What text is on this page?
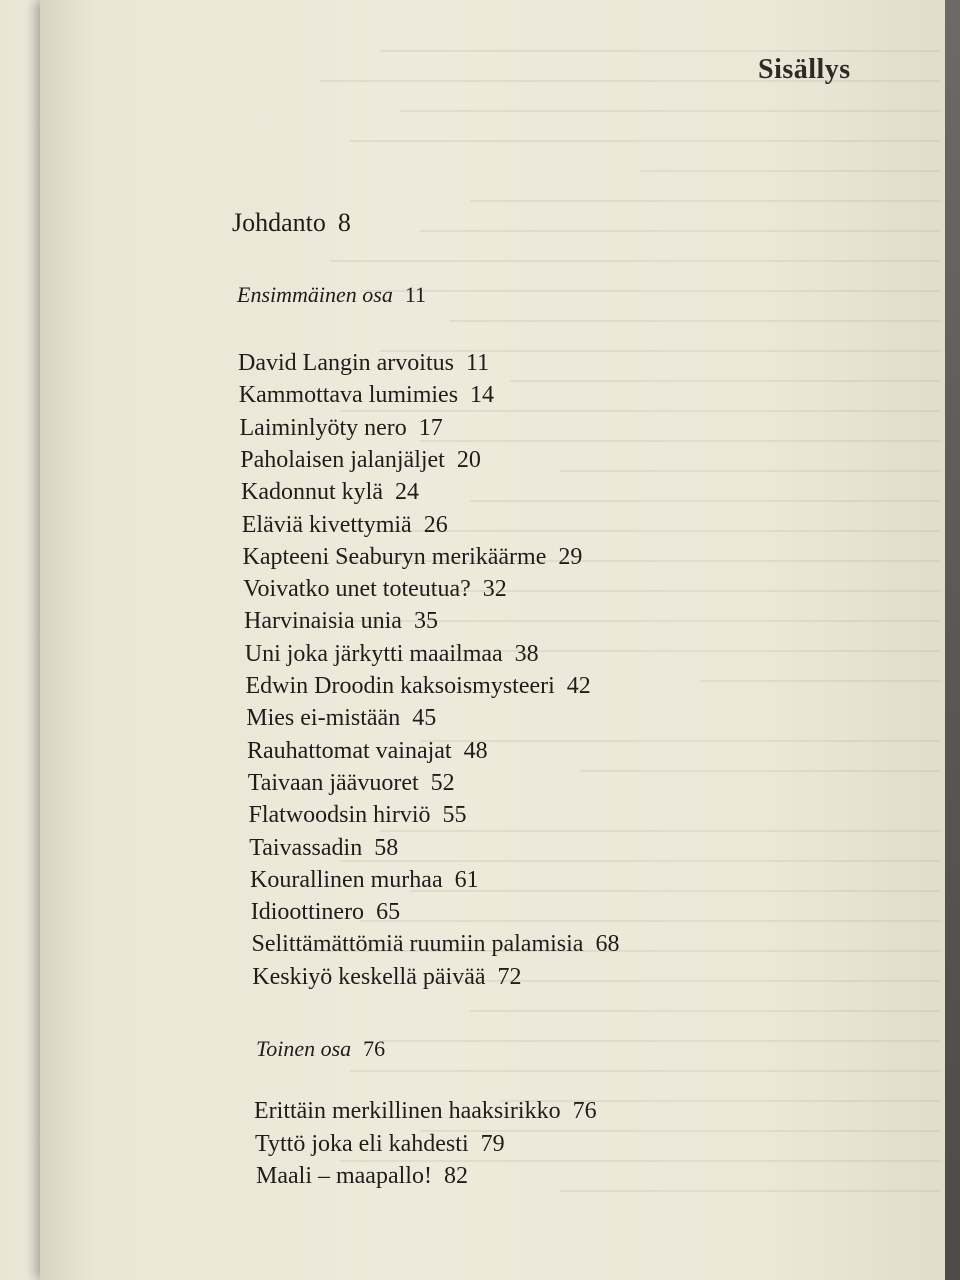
Sisällys
Johdanto 8
Ensimmäinen osa 11
David Langin arvoitus 11
Kammottava lumimies 14
Laiminlyöty nero 17
Paholaisen jalanjäljet 20
Kadonnut kylä 24
Eläviä kivettymiä 26
Kapteeni Seaburyn merikäärme 29
Voivatko unet toteutua? 32
Harvinaisia unia 35
Uni joka järkytti maailmaa 38
Edwin Droodin kaksoismysteeri 42
Mies ei-mistään 45
Rauhattomat vainajat 48
Taivaan jäävuoret 52
Flatwoodsin hirviö 55
Taivassadin 58
Kourallinen murhaa 61
Idioottinero 65
Selittämättömiä ruumiin palamisia 68
Keskiyö keskellä päivää 72
Toinen osa 76
Erittäin merkillinen haaksirikko 76
Tyttö joka eli kahdesti 79
Maali – maapallo! 82
